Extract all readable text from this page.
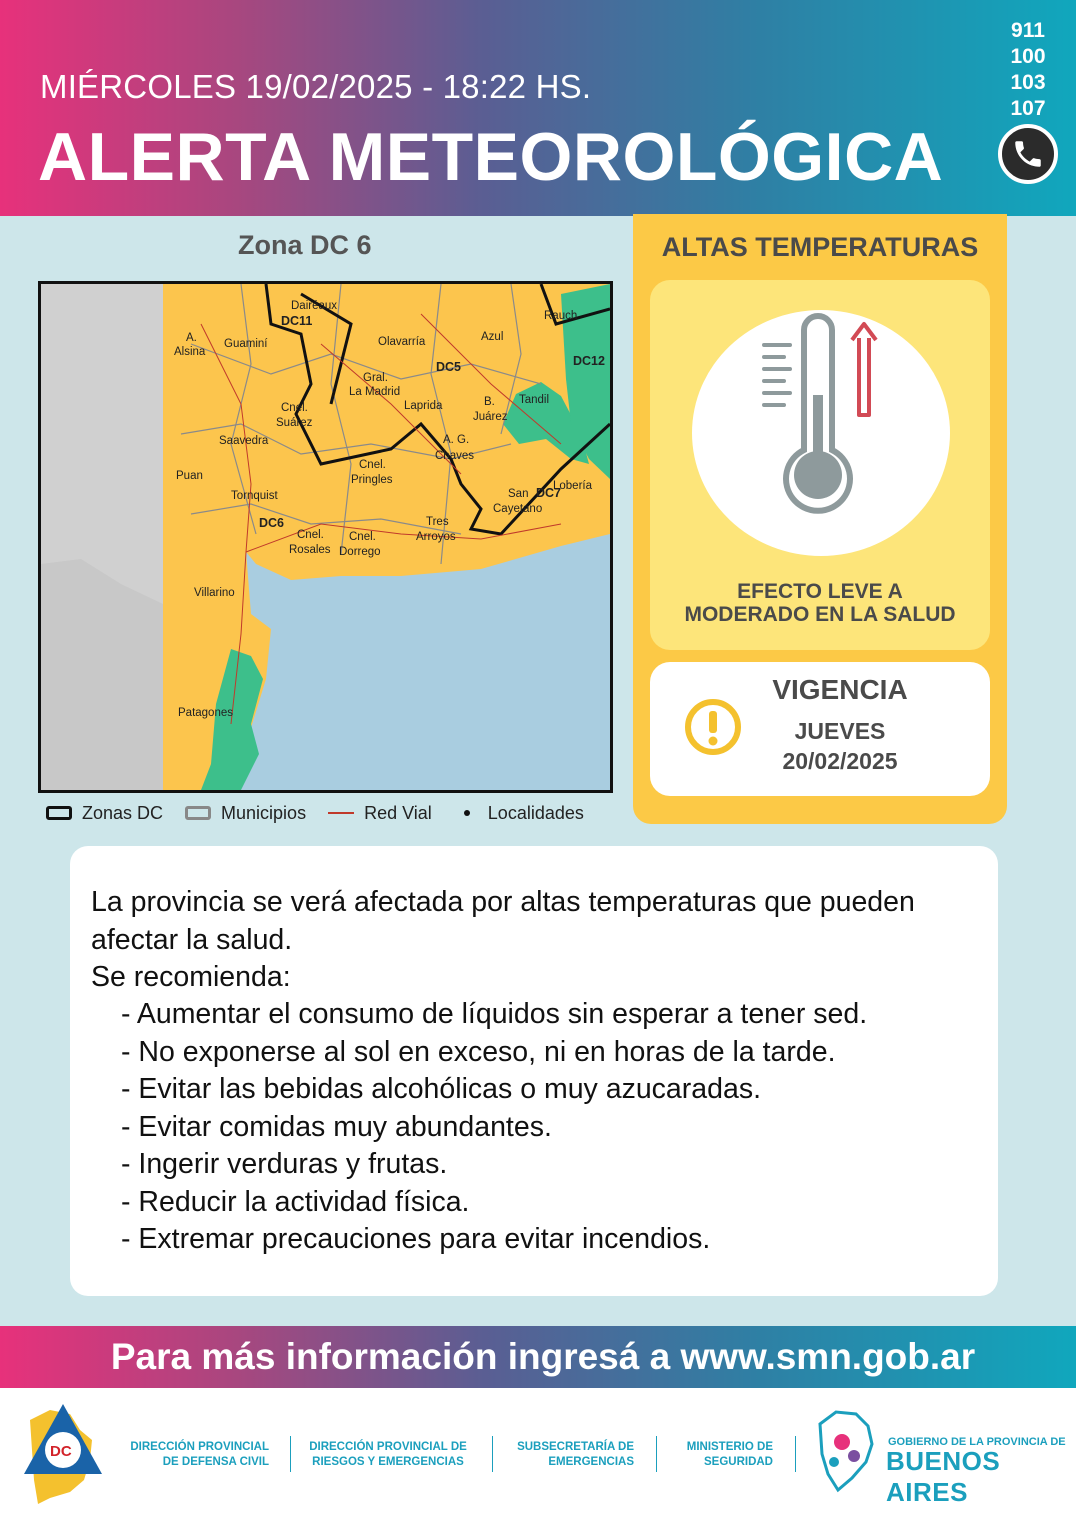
MIÉRCOLES 19/02/2025 - 18:22 HS.
ALERTA METEOROLÓGICA
911
100
103
107
Zona DC 6
Dairéaux
DC11	Rauch
A.
Alsina
Guaminí	Olavarría	Azul
DC5	DC12
Gral.
La Madrid
Laprida	B.
Juárez
Tandil
Cnel.
Suárez
Saavedra	A. G.
Chaves
Cnel.
Pringles
Puan
Tornquist	San
Cayetano
DC7
Lobería
DC6
Cnel.
Rosales
Cnel.
Dorrego
Tres
Arroyos
Villarino
Patagones
Zonas DC	Municipios	Red Vial	Localidades
ALTAS TEMPERATURAS
EFECTO LEVE A
MODERADO EN LA SALUD
VIGENCIA
JUEVES
20/02/2025
La provincia se verá afectada por altas temperaturas que pueden
afectar la salud.
Se recomienda:
- Aumentar el consumo de líquidos sin esperar a tener sed.
- No exponerse al sol en exceso, ni en horas de la tarde.
- Evitar las bebidas alcohólicas o muy azucaradas.
- Evitar comidas muy abundantes.
- Ingerir verduras y frutas.
- Reducir la actividad física.
- Extremar precauciones para evitar incendios.
Para más información ingresá a www.smn.gob.ar
DC	DIRECCIÓN PROVINCIAL
DE DEFENSA CIVIL
DIRECCIÓN PROVINCIAL DE
RIESGOS Y EMERGENCIAS
SUBSECRETARÍA DE
EMERGENCIAS
MINISTERIO DE
SEGURIDAD
GOBIERNO DE LA PROVINCIA DE
BUENOS AIRES
